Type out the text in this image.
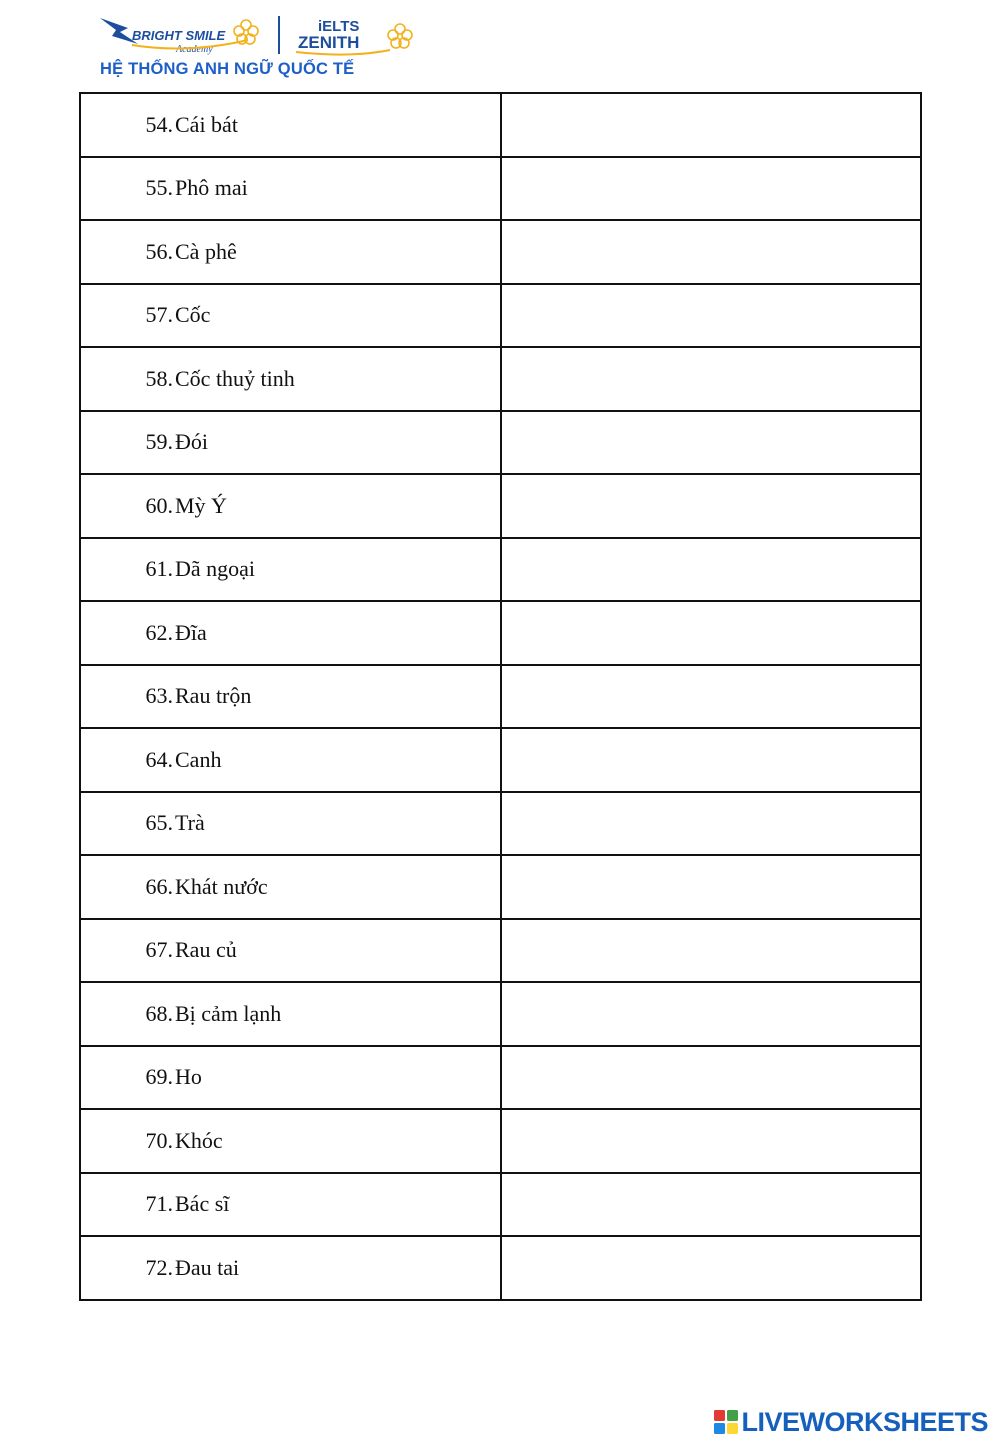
BRIGHT SMILE
Academy
iELTS
ZENITH
HỆ THỐNG ANH NGỮ QUỐC TẾ
54.Cái bát	
55.Phô mai	
56.Cà phê	
57.Cốc	
58.Cốc thuỷ tinh	
59.Đói	
60.Mỳ Ý	
61.Dã ngoại	
62.Đĩa	
63.Rau trộn	
64.Canh	
65.Trà	
66.Khát nước	
67.Rau củ	
68.Bị cảm lạnh	
69.Ho	
70.Khóc	
71.Bác sĩ	
72.Đau tai	
LIVEWORKSHEETS
